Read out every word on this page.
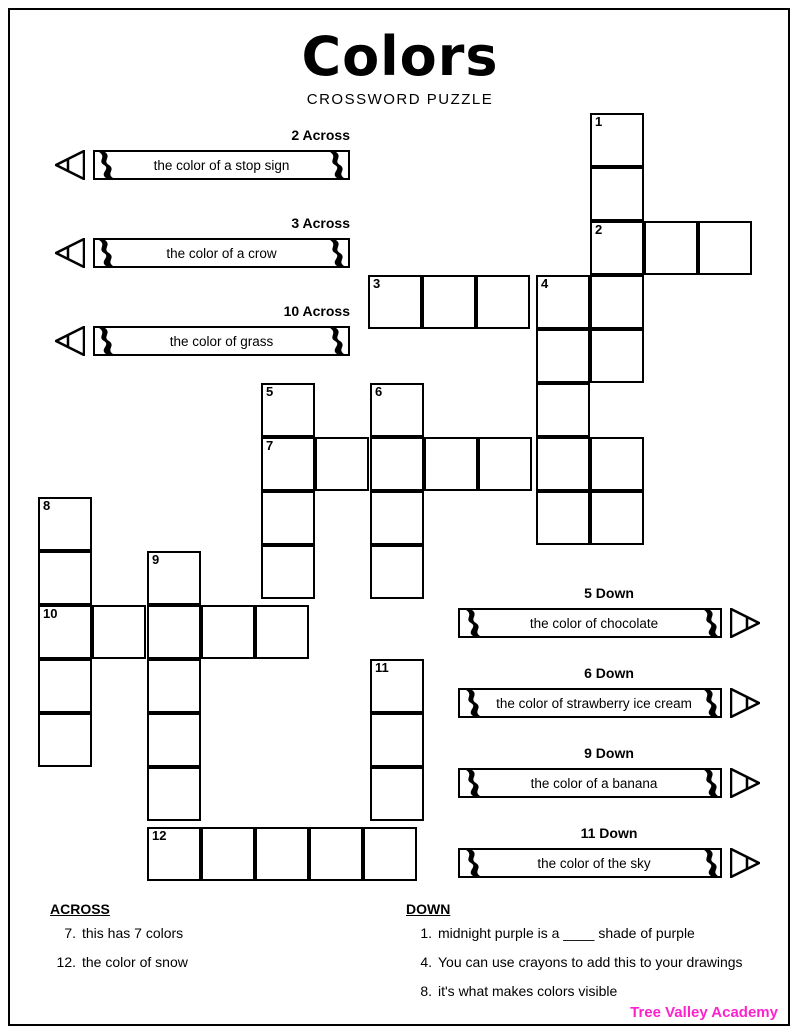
Colors
CROSSWORD PUZZLE
1
2
3	4
5	6
7
8
9
10
11
12
2 Across
the color of a stop sign
3 Across
the color of a crow
10 Across
the color of grass
5 Down
the color of chocolate
6 Down
the color of strawberry ice cream
9 Down
the color of a banana
11 Down
the color of the sky
ACROSS
7. this has 7 colors
12. the color of snow
DOWN
1. midnight purple is a ____ shade of purple
4. You can use crayons to add this to your drawings
8. it's what makes colors visible
Tree Valley Academy
